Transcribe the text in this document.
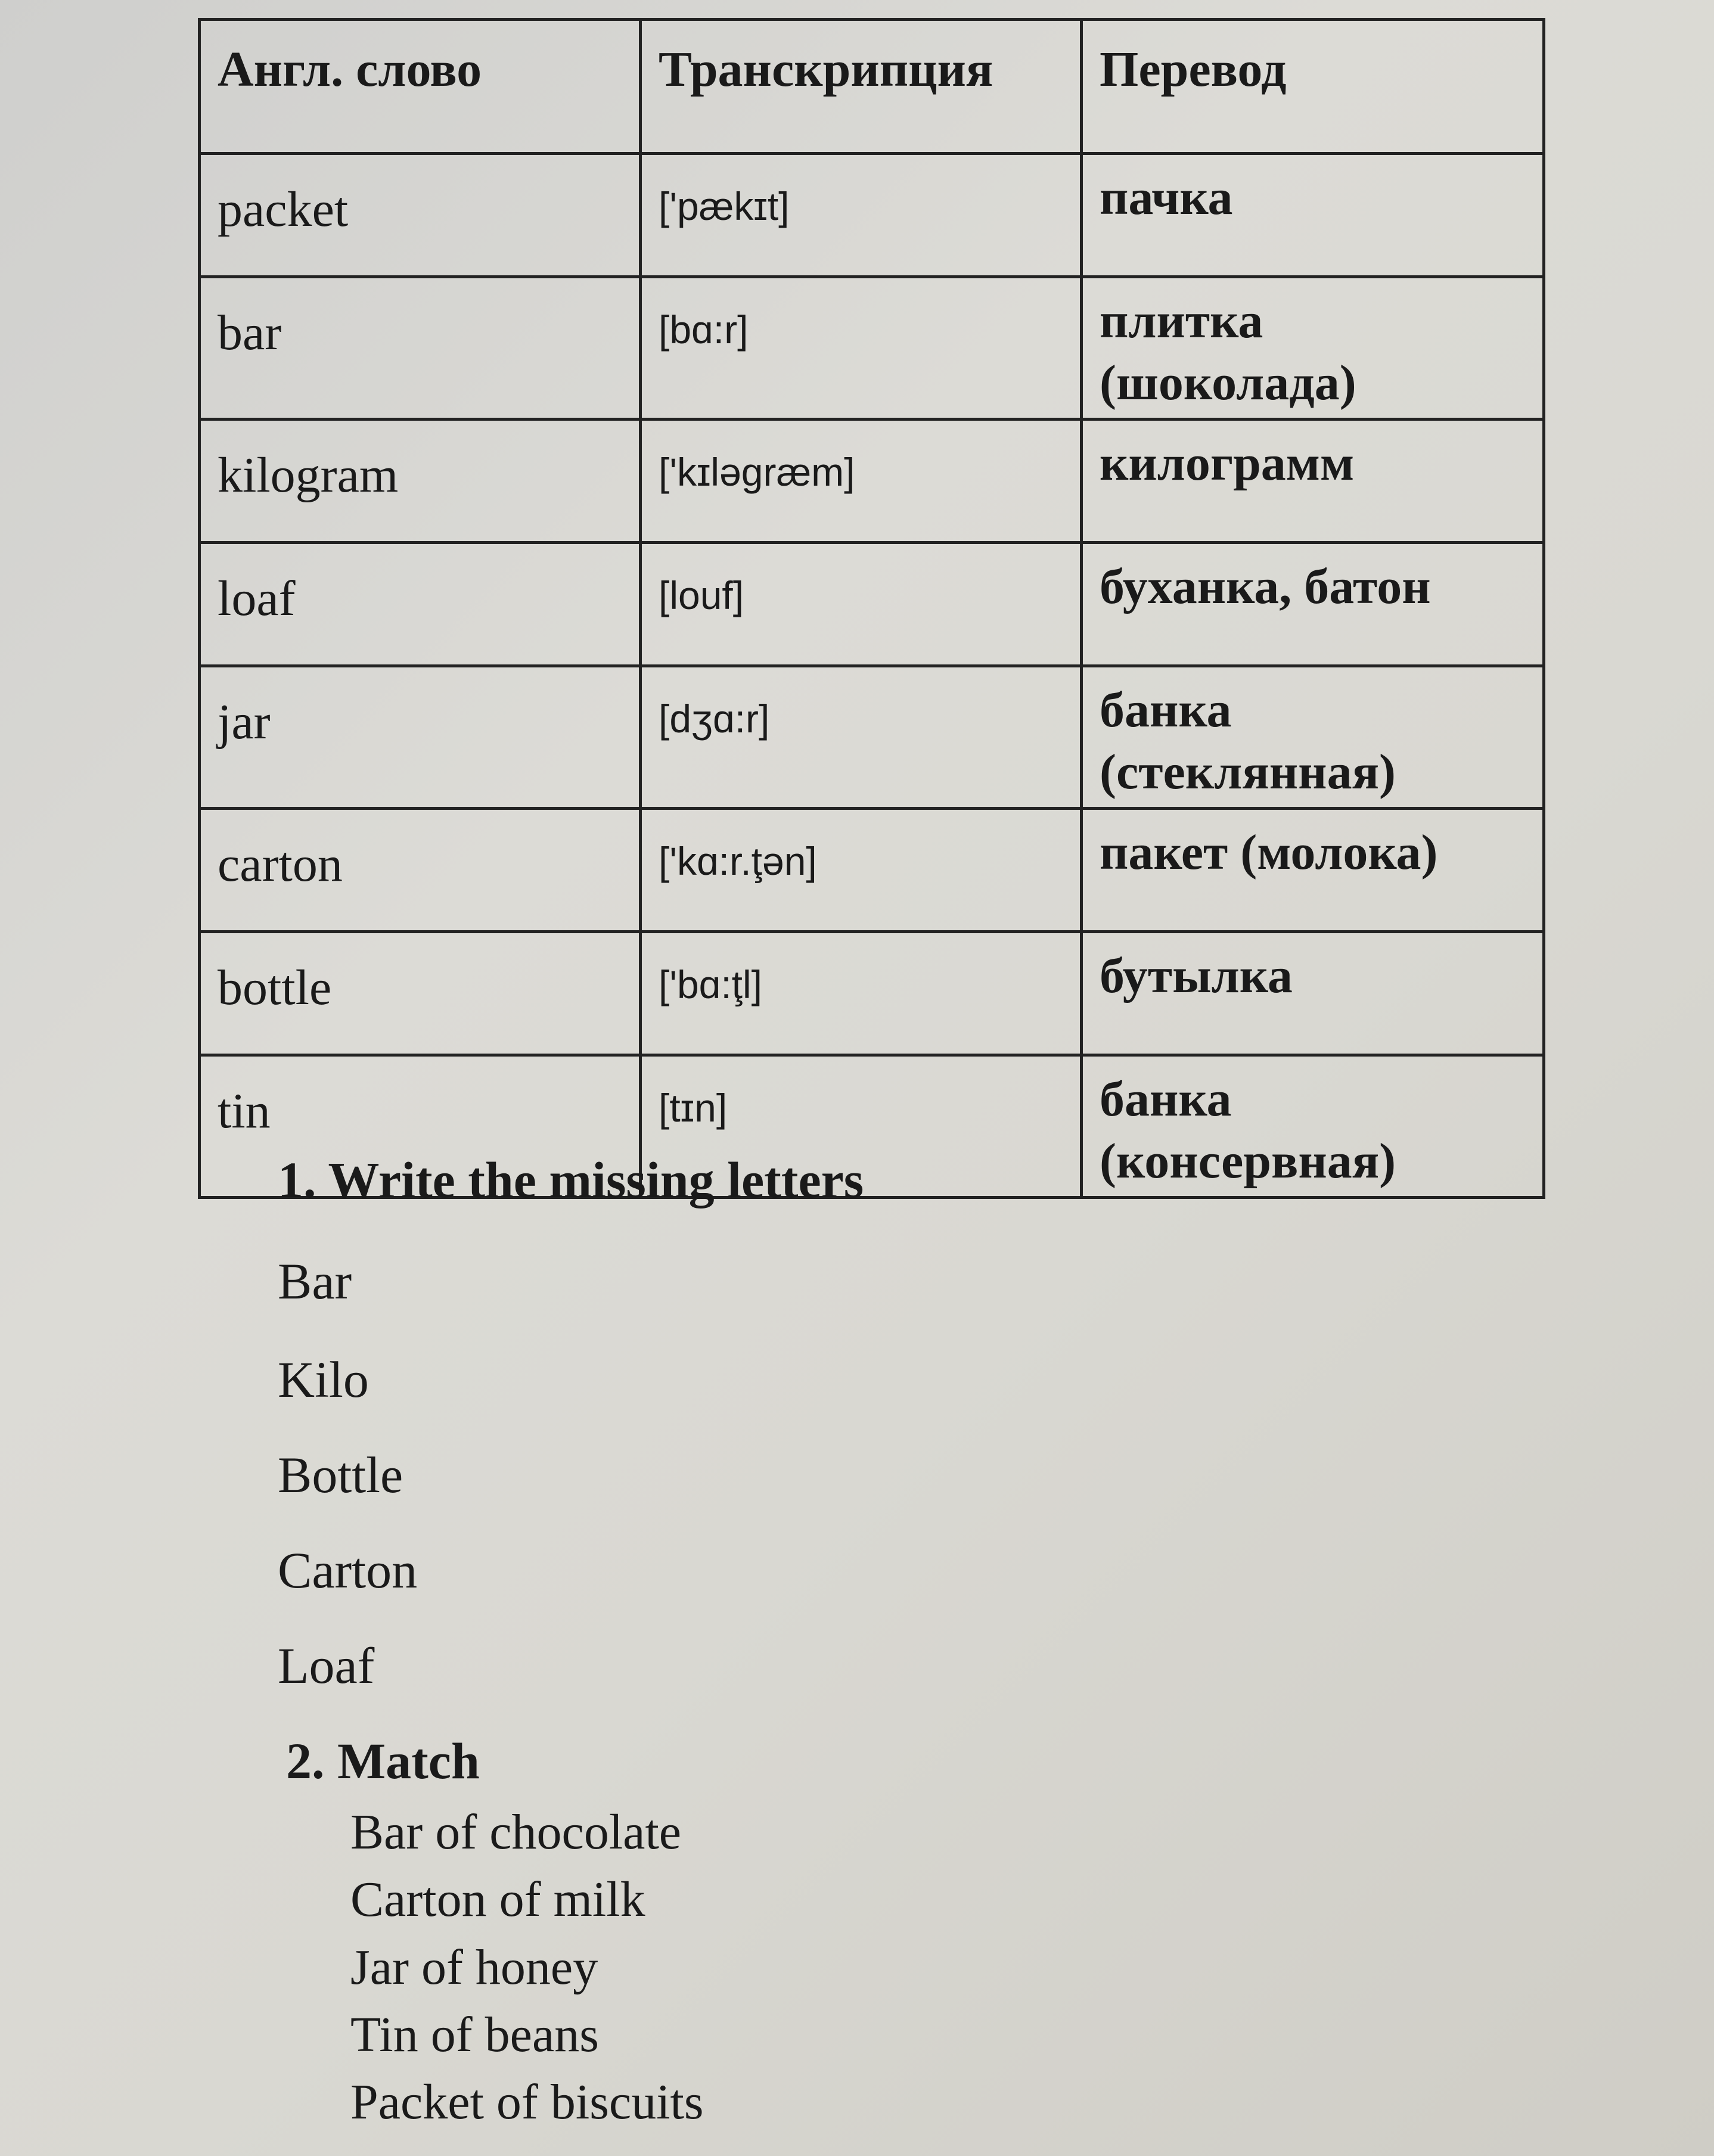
Англ. слово	Транскрипция	Перевод
packet	['pækɪt]	пачка
bar	[bɑ:r]	плитка (шоколада)
kilogram	['kɪləgræm]	килограмм
loaf	[louf]	буханка, батон
jar	[dʒɑ:r]	банка (стеклянная)
carton	['kɑ:r.ţən]	пакет (молока)
bottle	['bɑ:ţl]	бутылка
tin	[tɪn]	банка (консервная)
1. Write the missing letters
Bar
Kilo
Bottle
Carton
Loaf
2. Match
Bar of chocolate
Carton of milk
Jar of honey
Tin of beans
Packet of biscuits
